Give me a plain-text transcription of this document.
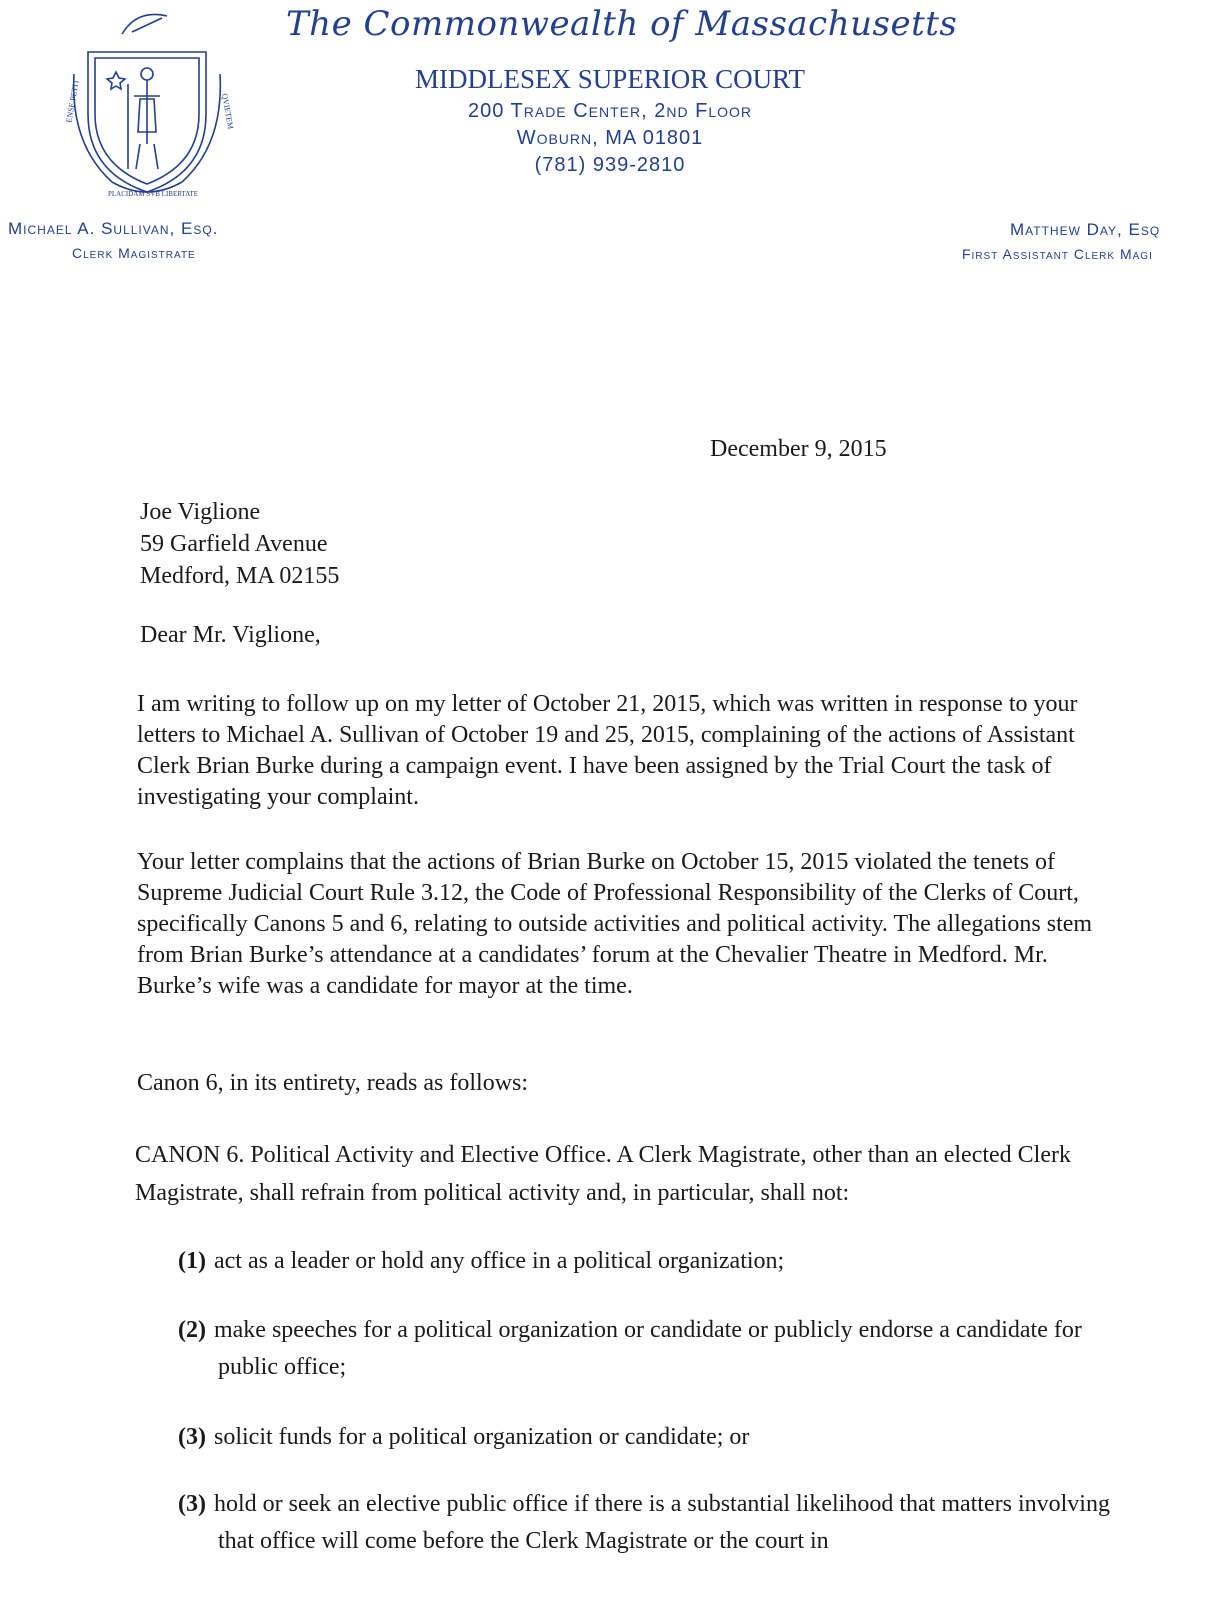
ENSE PETIT
PLACIDAM SVB LIBERTATE
QVIETEM
The Commonwealth of Massachusetts
MIDDLESEX SUPERIOR COURT
200 Trade Center, 2nd Floor
Woburn, MA 01801
(781) 939-2810
Michael A. Sullivan, Esq.
Clerk Magistrate
Matthew Day, Esq
First Assistant Clerk Magi
December 9, 2015
Joe Viglione
59 Garfield Avenue
Medford, MA 02155
Dear Mr. Viglione,
I am writing to follow up on my letter of October 21, 2015, which was written in response to your letters to Michael A. Sullivan of October 19 and 25, 2015, complaining of the actions of Assistant Clerk Brian Burke during a campaign event. I have been assigned by the Trial Court the task of investigating your complaint.
Your letter complains that the actions of Brian Burke on October 15, 2015 violated the tenets of Supreme Judicial Court Rule 3.12, the Code of Professional Responsibility of the Clerks of Court, specifically Canons 5 and 6, relating to outside activities and political activity. The allegations stem from Brian Burke’s attendance at a candidates’ forum at the Chevalier Theatre in Medford. Mr. Burke’s wife was a candidate for mayor at the time.
Canon 6, in its entirety, reads as follows:
CANON 6. Political Activity and Elective Office. A Clerk Magistrate, other than an elected Clerk Magistrate, shall refrain from political activity and, in particular, shall not:
(1) act as a leader or hold any office in a political organization;
(2) make speeches for a political organization or candidate or publicly endorse a candidate for public office;
(3) solicit funds for a political organization or candidate; or
(3) hold or seek an elective public office if there is a substantial likelihood that matters involving that office will come before the Clerk Magistrate or the court in
